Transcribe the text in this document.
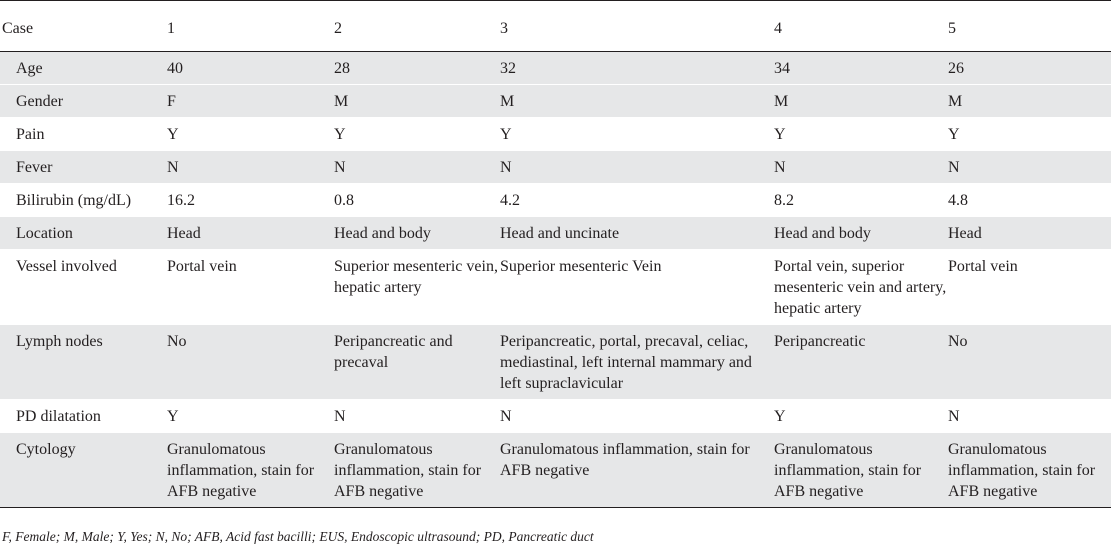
Case	1	2	3	4	5
Age	40	28	32	34	26
Gender	F	M	M	M	M
Pain	Y	Y	Y	Y	Y
Fever	N	N	N	N	N
Bilirubin (mg/dL)	16.2	0.8	4.2	8.2	4.8
Location	Head	Head and body	Head and uncinate	Head and body	Head
Vessel involved	Portal vein	Superior mesenteric vein, hepatic artery	Superior mesenteric Vein	Portal vein, superior mesenteric vein and artery, hepatic artery	Portal vein
Lymph nodes	No	Peripancreatic and precaval	Peripancreatic, portal, precaval, celiac, mediastinal, left internal mammary and left supraclavicular	Peripancreatic	No
PD dilatation	Y	N	N	Y	N
Cytology	Granulomatous inflammation, stain for AFB negative	Granulomatous inflammation, stain for AFB negative	Granulomatous inflammation, stain for AFB negative	Granulomatous inflammation, stain for AFB negative	Granulomatous inflammation, stain for AFB negative
F, Female; M, Male; Y, Yes; N, No; AFB, Acid fast bacilli; EUS, Endoscopic ultrasound; PD, Pancreatic duct
